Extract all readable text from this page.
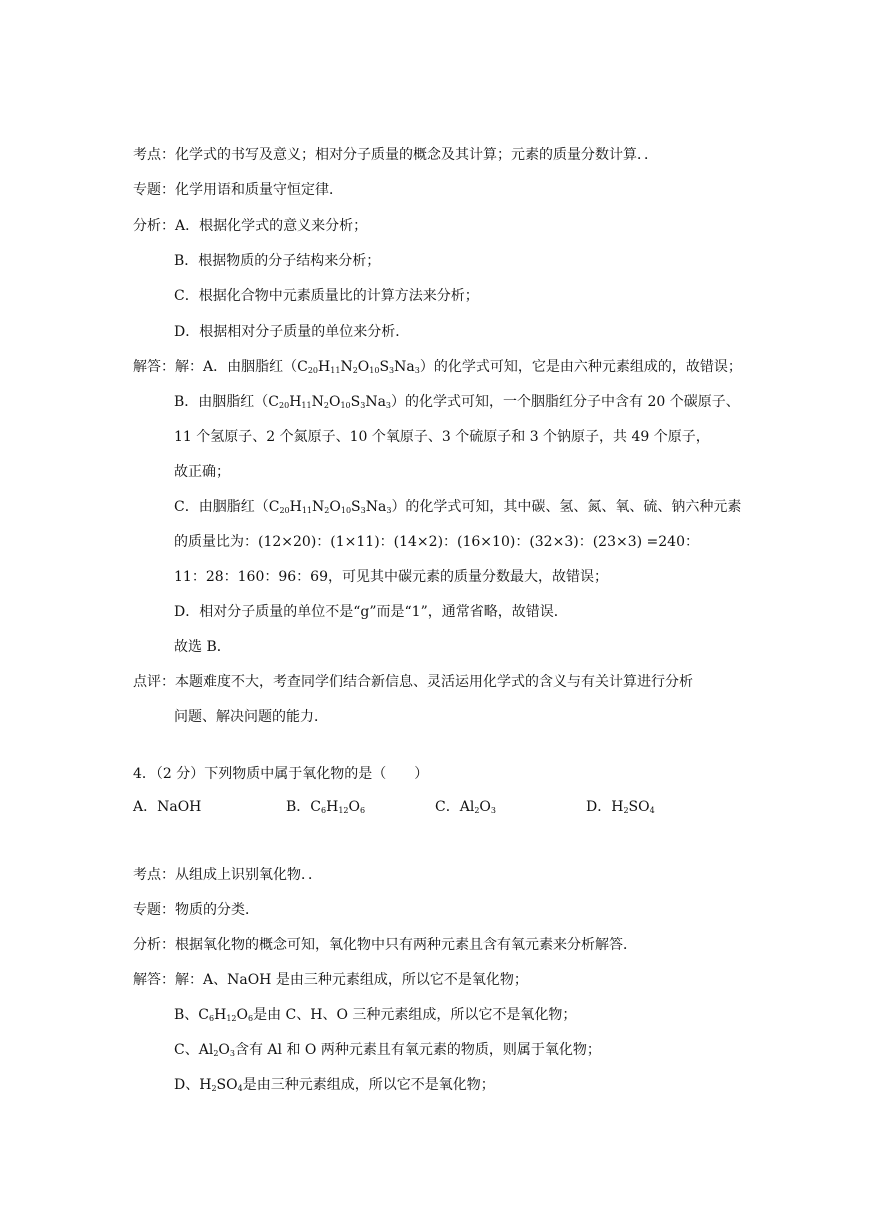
考点：化学式的书写及意义；相对分子质量的概念及其计算；元素的质量分数计算．．
专题：化学用语和质量守恒定律．
分析：A．根据化学式的意义来分析；
B．根据物质的分子结构来分析；
C．根据化合物中元素质量比的计算方法来分析；
D．根据相对分子质量的单位来分析．
解答：解：A．由胭脂红$(C_{20}H_{11}N_2O_{10}S_3Na_3)$的化学式可知，它是由六种元素组成的，故错误；
B．由胭脂红$(C_{20}H_{11}N_2O_{10}S_3Na_3)$的化学式可知，一个胭脂红分子中含有 20 个碳原子、
11 个氢原子、2 个氮原子、10 个氧原子、3 个硫原子和 3 个钠原子，共 49 个原子，
故正确；
C．由胭脂红$(C_{20}H_{11}N_2O_{10}S_3Na_3)$的化学式可知，其中碳、氢、氮、氧、硫、钠六种元素
的质量比为：(12×20)：(1×11)：(14×2)：(16×10)：(32×3)：(23×3) =240：
11：28：160：96：69，可见其中碳元素的质量分数最大，故错误；
D．相对分子质量的单位不是“g”而是“1”，通常省略，故错误．
故选 B．
点评：本题难度不大，考查同学们结合新信息、灵活运用化学式的含义与有关计算进行分析
问题、解决问题的能力．
4．（2 分）下列物质中属于氧化物的是（　　）
A．NaOH	B．$C_6H_{12}O_6$	C．$Al_2O_3$	D．$H_2SO_4$
考点：从组成上识别氧化物．．
专题：物质的分类．
分析：根据氧化物的概念可知，氧化物中只有两种元素且含有氧元素来分析解答．
解答：解：A、NaOH 是由三种元素组成，所以它不是氧化物；
B、$C_6H_{12}O_6$是由 C、H、O 三种元素组成，所以它不是氧化物；
C、$Al_2O_3$含有 Al 和 O 两种元素且有氧元素的物质，则属于氧化物；
D、$H_2SO_4$是由三种元素组成，所以它不是氧化物；
